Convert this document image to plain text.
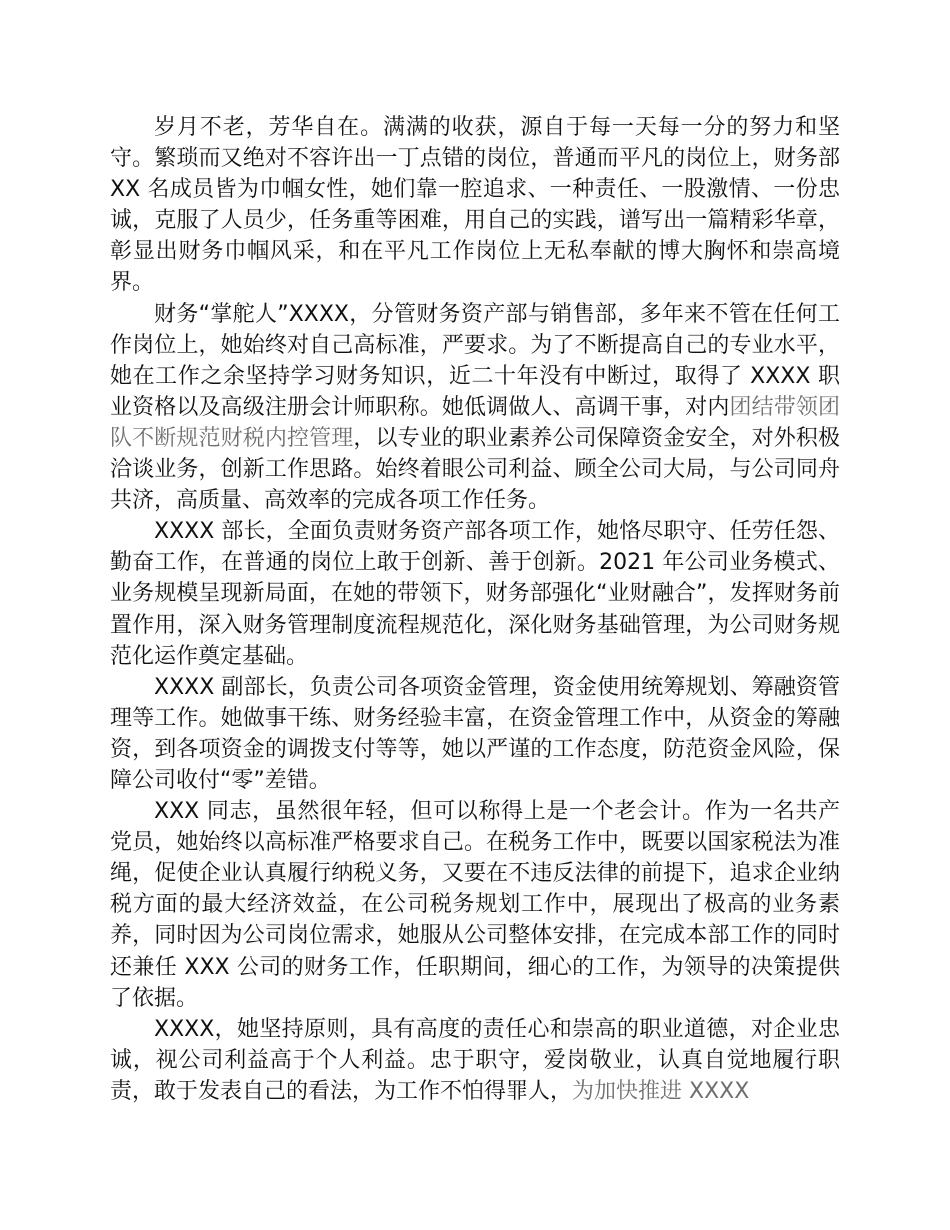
岁月不老，芳华自在。满满的收获，源自于每一天每一分的努力和坚守。繁琐而又绝对不容许出一丁点错的岗位，普通而平凡的岗位上，财务部 XX 名成员皆为巾帼女性，她们靠一腔追求、一种责任、一股激情、一份忠诚，克服了人员少，任务重等困难，用自己的实践，谱写出一篇精彩华章，彰显出财务巾帼风采，和在平凡工作岗位上无私奉献的博大胸怀和崇高境界。

财务“掌舵人”XXXX，分管财务资产部与销售部，多年来不管在任何工作岗位上，她始终对自己高标准，严要求。为了不断提高自己的专业水平，她在工作之余坚持学习财务知识，近二十年没有中断过，取得了 XXXX 职业资格以及高级注册会计师职称。她低调做人、高调干事，对内团结带领团队不断规范财税内控管理，以专业的职业素养公司保障资金安全，对外积极洽谈业务，创新工作思路。始终着眼公司利益、顾全公司大局，与公司同舟共济，高质量、高效率的完成各项工作任务。

XXXX 部长，全面负责财务资产部各项工作，她恪尽职守、任劳任怨、勤奋工作，在普通的岗位上敢于创新、善于创新。2021 年公司业务模式、业务规模呈现新局面，在她的带领下，财务部强化“业财融合”，发挥财务前置作用，深入财务管理制度流程规范化，深化财务基础管理，为公司财务规范化运作奠定基础。

XXXX 副部长，负责公司各项资金管理，资金使用统筹规划、筹融资管理等工作。她做事干练、财务经验丰富，在资金管理工作中，从资金的筹融资，到各项资金的调拨支付等等，她以严谨的工作态度，防范资金风险，保障公司收付“零”差错。

XXX 同志，虽然很年轻，但可以称得上是一个老会计。作为一名共产党员，她始终以高标准严格要求自己。在税务工作中，既要以国家税法为准绳，促使企业认真履行纳税义务，又要在不违反法律的前提下，追求企业纳税方面的最大经济效益，在公司税务规划工作中，展现出了极高的业务素养，同时因为公司岗位需求，她服从公司整体安排，在完成本部工作的同时还兼任 XXX 公司的财务工作，任职期间，细心的工作，为领导的决策提供了依据。

XXXX，她坚持原则，具有高度的责任心和崇高的职业道德，对企业忠诚，视公司利益高于个人利益。忠于职守，爱岗敬业，认真自觉地履行职责，敢于发表自己的看法，为工作不怕得罪人，为加快推进 XXXX
